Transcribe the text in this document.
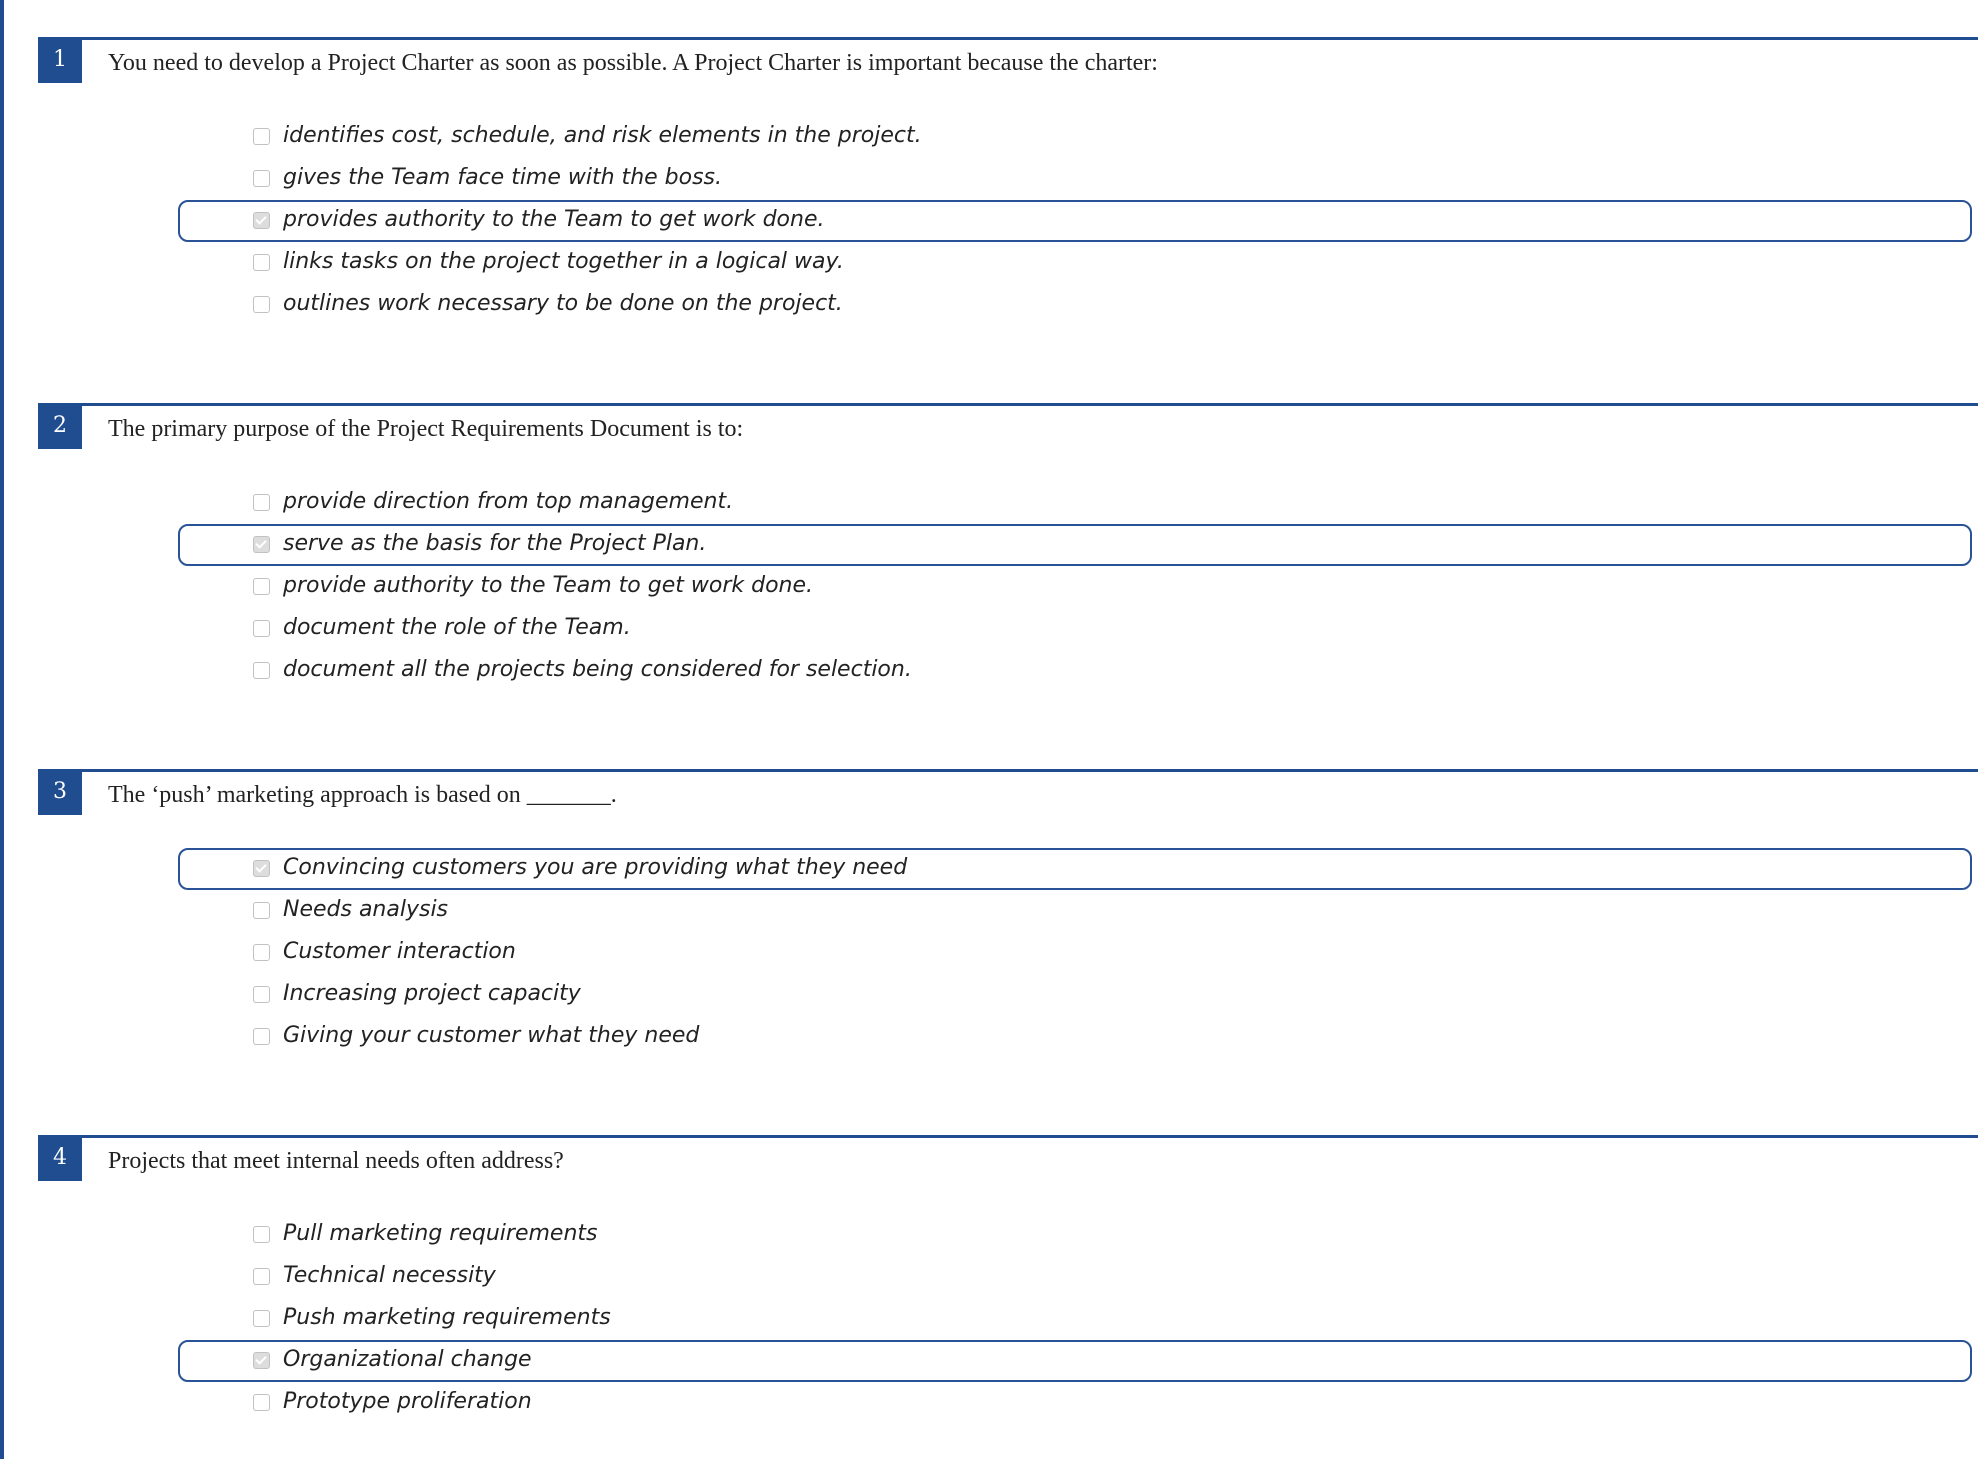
1	You need to develop a Project Charter as soon as possible. A Project Charter is important because the charter:
identifies cost, schedule, and risk elements in the project.
gives the Team face time with the boss.
provides authority to the Team to get work done.
links tasks on the project together in a logical way.
outlines work necessary to be done on the project.
2	The primary purpose of the Project Requirements Document is to:
provide direction from top management.
serve as the basis for the Project Plan.
provide authority to the Team to get work done.
document the role of the Team.
document all the projects being considered for selection.
3	The ‘push’ marketing approach is based on _______.
Convincing customers you are providing what they need
Needs analysis
Customer interaction
Increasing project capacity
Giving your customer what they need
4	Projects that meet internal needs often address?
Pull marketing requirements
Technical necessity
Push marketing requirements
Organizational change
Prototype proliferation
